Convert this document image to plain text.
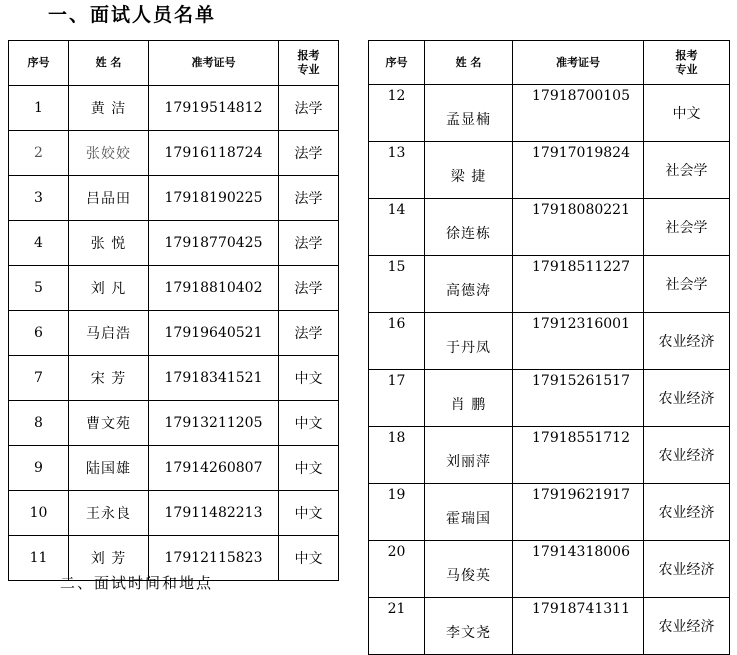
一、面试人员名单
序号	姓 名	准考证号	报考
专业
1	黄 洁	17919514812	法学
2	张姣姣	17916118724	法学
3	吕品田	17918190225	法学
4	张 悦	17918770425	法学
5	刘 凡	17918810402	法学
6	马启浩	17919640521	法学
7	宋 芳	17918341521	中文
8	曹文苑	17913211205	中文
9	陆国雄	17914260807	中文
10	王永良	17911482213	中文
11	刘 芳	17912115823	中文
序号	姓 名	准考证号	报考
专业
12	孟显楠	17918700105	中文
13	梁 捷	17917019824	社会学
14	徐连栋	17918080221	社会学
15	高德涛	17918511227	社会学
16	于丹凤	17912316001	农业经济
17	肖 鹏	17915261517	农业经济
18	刘丽萍	17918551712	农业经济
19	霍瑞国	17919621917	农业经济
20	马俊英	17914318006	农业经济
21	李文尧	17918741311	农业经济
二、面试时间和地点
